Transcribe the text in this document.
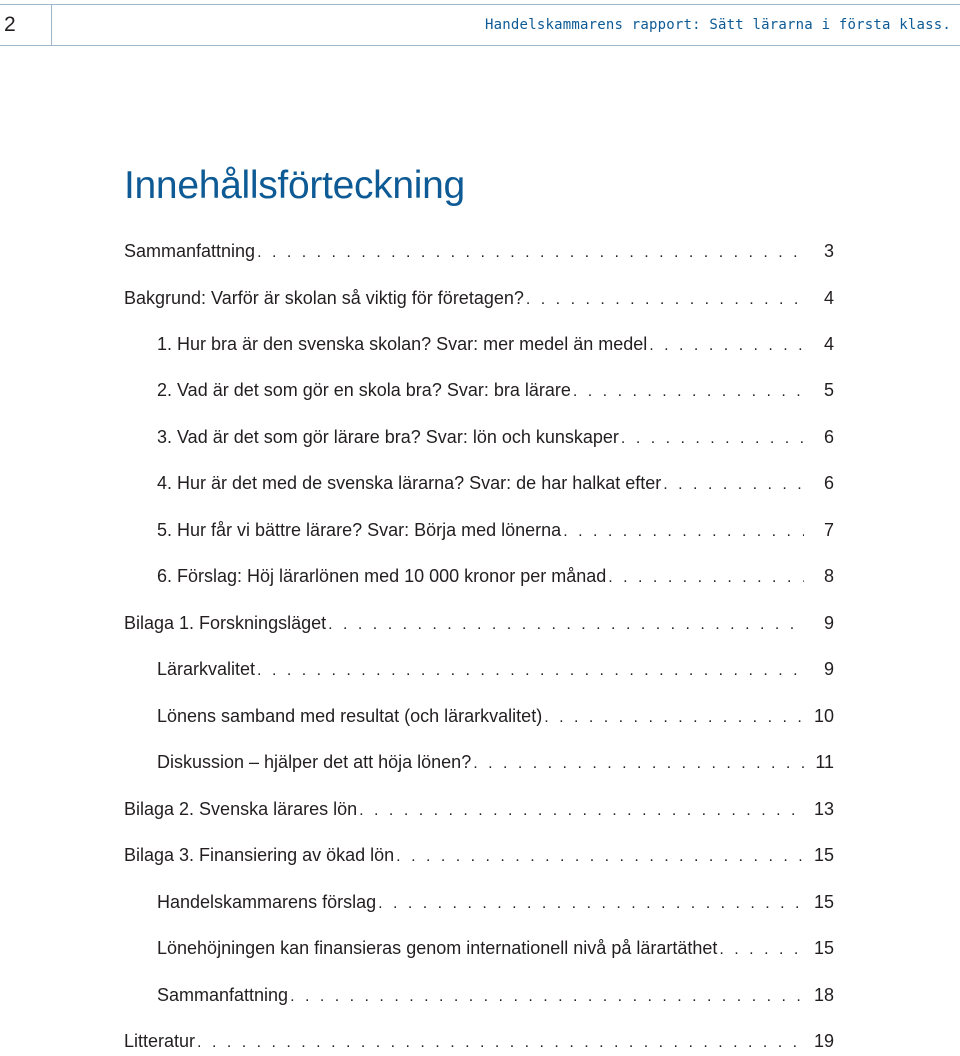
2	Handelskammarens rapport: Sätt lärarna i första klass.
Innehållsförteckning
Sammanfattning . . .	3
Bakgrund: Varför är skolan så viktig för företagen? . . .	4
1. Hur bra är den svenska skolan? Svar: mer medel än medel . . .	4
2. Vad är det som gör en skola bra? Svar: bra lärare . . .	5
3. Vad är det som gör lärare bra? Svar: lön och kunskaper . . .	6
4. Hur är det med de svenska lärarna? Svar: de har halkat efter . . .	6
5. Hur får vi bättre lärare? Svar: Börja med lönerna . . .	7
6. Förslag: Höj lärarlönen med 10 000 kronor per månad . . .	8
Bilaga 1. Forskningsläget . . .	9
Lärarkvalitet . . .	9
Lönens samband med resultat (och lärarkvalitet) . . .	10
Diskussion – hjälper det att höja lönen? . . .	11
Bilaga 2. Svenska lärares lön . . .	13
Bilaga 3. Finansiering av ökad lön . . .	15
Handelskammarens förslag . . .	15
Lönehöjningen kan finansieras genom internationell nivå på lärartäthet . . .	15
Sammanfattning . . .	18
Litteratur . . .	19
